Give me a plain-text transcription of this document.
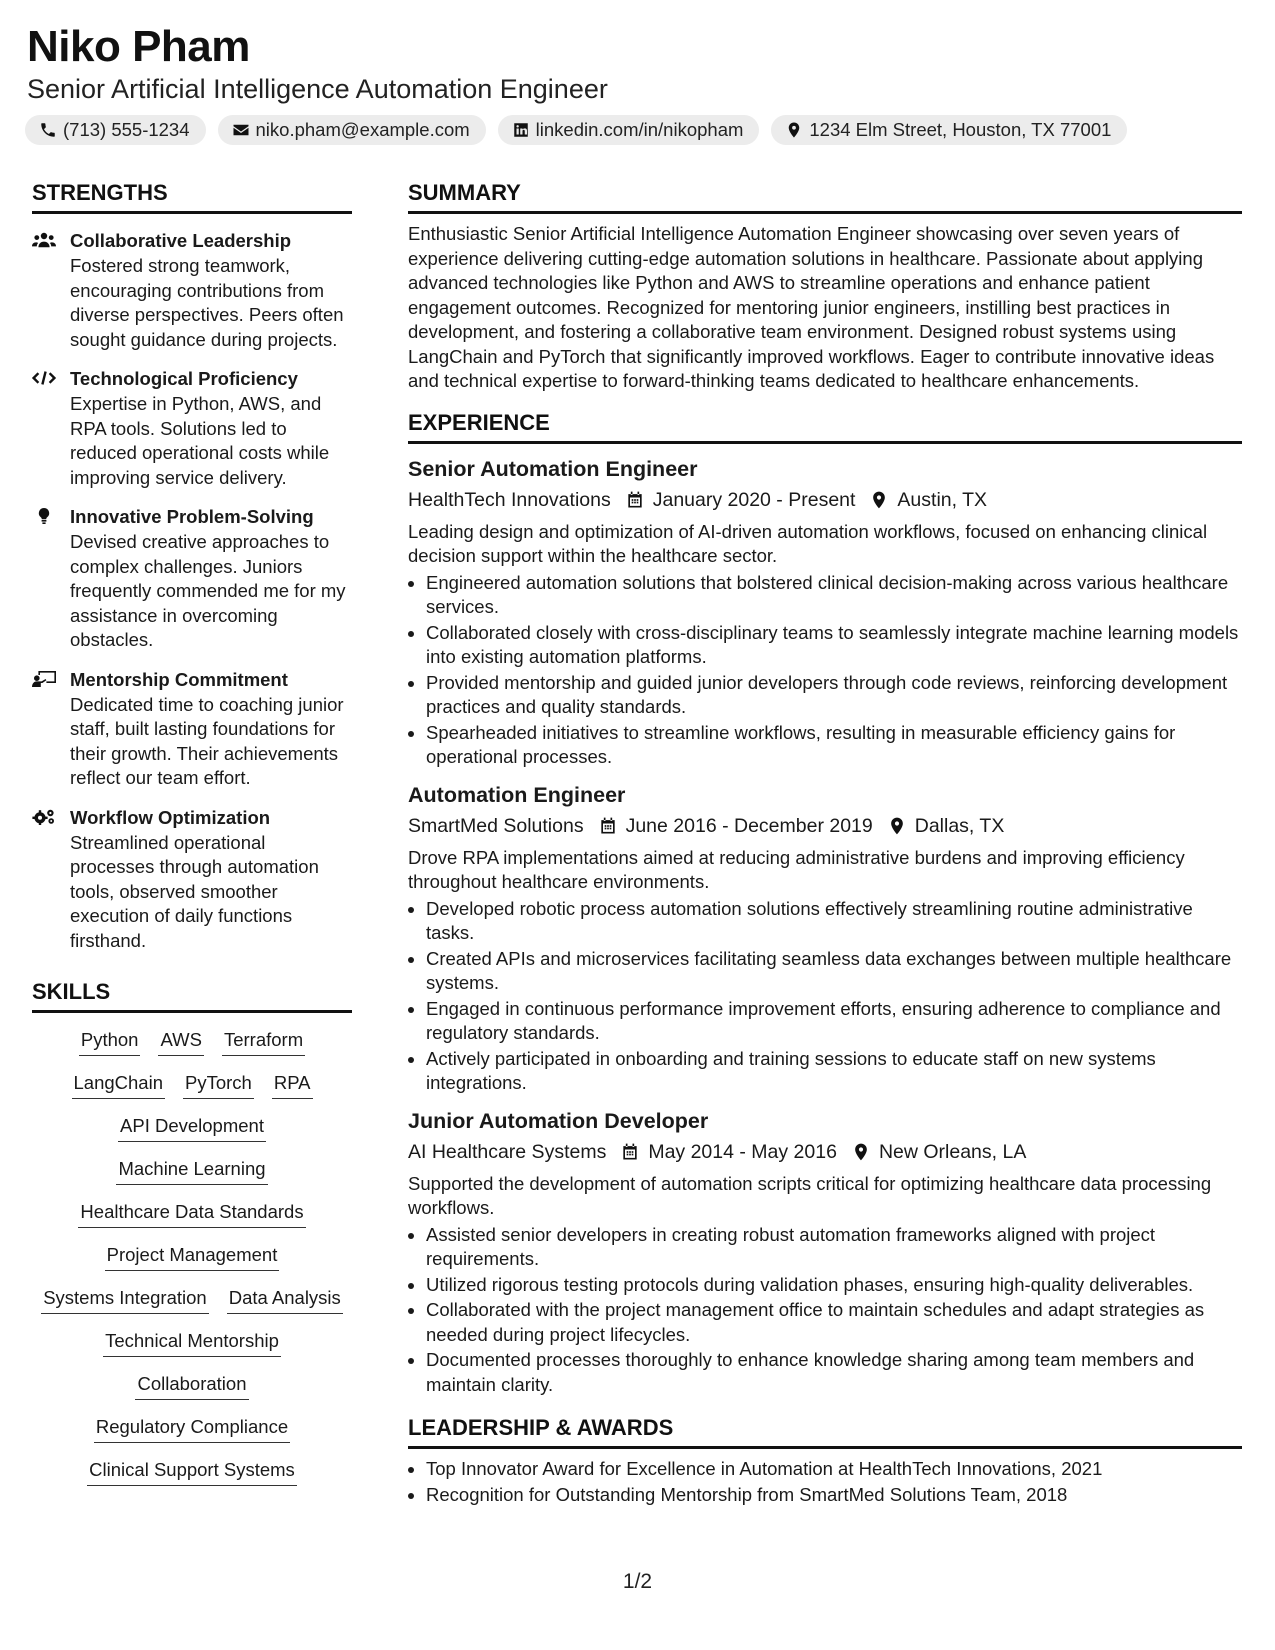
Niko Pham
Senior Artificial Intelligence Automation Engineer
(713) 555-1234	niko.pham@example.com	linkedin.com/in/nikopham	1234 Elm Street, Houston, TX 77001
STRENGTHS
Collaborative Leadership
Fostered strong teamwork, encouraging contributions from diverse perspectives. Peers often sought guidance during projects.
Technological Proficiency
Expertise in Python, AWS, and RPA tools. Solutions led to reduced operational costs while improving service delivery.
Innovative Problem-Solving
Devised creative approaches to complex challenges. Juniors frequently commended me for my assistance in overcoming obstacles.
Mentorship Commitment
Dedicated time to coaching junior staff, built lasting foundations for their growth. Their achievements reflect our team effort.
Workflow Optimization
Streamlined operational processes through automation tools, observed smoother execution of daily functions firsthand.
SKILLS
Python AWS Terraform
LangChain PyTorch RPA
API Development
Machine Learning
Healthcare Data Standards
Project Management
Systems Integration Data Analysis
Technical Mentorship
Collaboration
Regulatory Compliance
Clinical Support Systems
SUMMARY
Enthusiastic Senior Artificial Intelligence Automation Engineer showcasing over seven years of experience delivering cutting-edge automation solutions in healthcare. Passionate about applying advanced technologies like Python and AWS to streamline operations and enhance patient engagement outcomes. Recognized for mentoring junior engineers, instilling best practices in development, and fostering a collaborative team environment. Designed robust systems using LangChain and PyTorch that significantly improved workflows. Eager to contribute innovative ideas and technical expertise to forward-thinking teams dedicated to healthcare enhancements.
EXPERIENCE
Senior Automation Engineer
HealthTech Innovations January 2020 - Present Austin, TX
Leading design and optimization of AI-driven automation workflows, focused on enhancing clinical decision support within the healthcare sector.
• Engineered automation solutions that bolstered clinical decision-making across various healthcare services.
• Collaborated closely with cross-disciplinary teams to seamlessly integrate machine learning models into existing automation platforms.
• Provided mentorship and guided junior developers through code reviews, reinforcing development practices and quality standards.
• Spearheaded initiatives to streamline workflows, resulting in measurable efficiency gains for operational processes.
Automation Engineer
SmartMed Solutions June 2016 - December 2019 Dallas, TX
Drove RPA implementations aimed at reducing administrative burdens and improving efficiency throughout healthcare environments.
• Developed robotic process automation solutions effectively streamlining routine administrative tasks.
• Created APIs and microservices facilitating seamless data exchanges between multiple healthcare systems.
• Engaged in continuous performance improvement efforts, ensuring adherence to compliance and regulatory standards.
• Actively participated in onboarding and training sessions to educate staff on new systems integrations.
Junior Automation Developer
AI Healthcare Systems May 2014 - May 2016 New Orleans, LA
Supported the development of automation scripts critical for optimizing healthcare data processing workflows.
• Assisted senior developers in creating robust automation frameworks aligned with project requirements.
• Utilized rigorous testing protocols during validation phases, ensuring high-quality deliverables.
• Collaborated with the project management office to maintain schedules and adapt strategies as needed during project lifecycles.
• Documented processes thoroughly to enhance knowledge sharing among team members and maintain clarity.
LEADERSHIP & AWARDS
• Top Innovator Award for Excellence in Automation at HealthTech Innovations, 2021
• Recognition for Outstanding Mentorship from SmartMed Solutions Team, 2018
1/2
